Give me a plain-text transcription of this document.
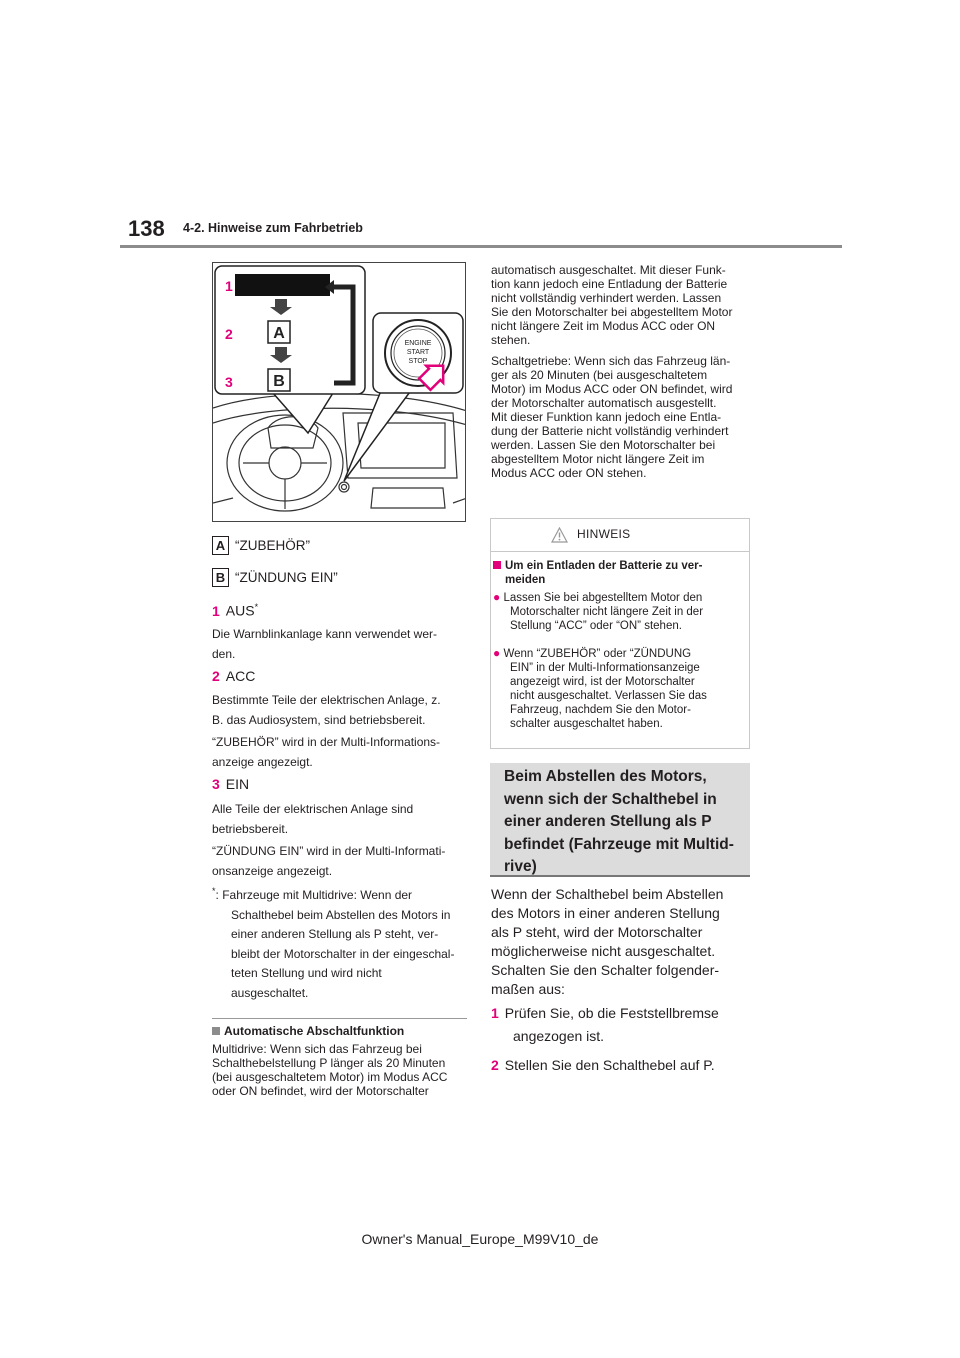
138 4-2. Hinweise zum Fahrbetrieb
A
B
1
2
3
ENGINE
START
STOP
A “ZUBEHÖR”
B “ZÜNDUNG EIN”
1 AUS*
Die Warnblinkanlage kann verwendet wer-
den.
2 ACC
Bestimmte Teile der elektrischen Anlage, z.
B. das Audiosystem, sind betriebsbereit.
“ZUBEHÖR” wird in der Multi-Informations-
anzeige angezeigt.
3 EIN
Alle Teile der elektrischen Anlage sind
betriebsbereit.
“ZÜNDUNG EIN” wird in der Multi-Informati-
onsanzeige angezeigt.
*: Fahrzeuge mit Multidrive: Wenn der
Schalthebel beim Abstellen des Motors in
einer anderen Stellung als P steht, ver-
bleibt der Motorschalter in der eingeschal-
teten Stellung und wird nicht
ausgeschaltet.
Automatische Abschaltfunktion
Multidrive: Wenn sich das Fahrzeug bei
Schalthebelstellung P länger als 20 Minuten
(bei ausgeschaltetem Motor) im Modus ACC
oder ON befindet, wird der Motorschalter
automatisch ausgeschaltet. Mit dieser Funk-
tion kann jedoch eine Entladung der Batterie
nicht vollständig verhindert werden. Lassen
Sie den Motorschalter bei abgestelltem Motor
nicht längere Zeit im Modus ACC oder ON
stehen.
Schaltgetriebe: Wenn sich das Fahrzeug län-
ger als 20 Minuten (bei ausgeschaltetem
Motor) im Modus ACC oder ON befindet, wird
der Motorschalter automatisch ausgestellt.
Mit dieser Funktion kann jedoch eine Entla-
dung der Batterie nicht vollständig verhindert
werden. Lassen Sie den Motorschalter bei
abgestelltem Motor nicht längere Zeit im
Modus ACC oder ON stehen.
HINWEIS
Um ein Entladen der Batterie zu ver-
meiden
● Lassen Sie bei abgestelltem Motor den
Motorschalter nicht längere Zeit in der
Stellung “ACC” oder “ON” stehen.
● Wenn “ZUBEHÖR” oder “ZÜNDUNG
EIN” in der Multi-Informationsanzeige
angezeigt wird, ist der Motorschalter
nicht ausgeschaltet. Verlassen Sie das
Fahrzeug, nachdem Sie den Motor-
schalter ausgeschaltet haben.
Beim Abstellen des Motors,
wenn sich der Schalthebel in
einer anderen Stellung als P
befindet (Fahrzeuge mit Multid-
rive)
Wenn der Schalthebel beim Abstellen
des Motors in einer anderen Stellung
als P steht, wird der Motorschalter
möglicherweise nicht ausgeschaltet.
Schalten Sie den Schalter folgender-
maßen aus:
1 Prüfen Sie, ob die Feststellbremse
angezogen ist.
2 Stellen Sie den Schalthebel auf P.
Owner's Manual_Europe_M99V10_de
